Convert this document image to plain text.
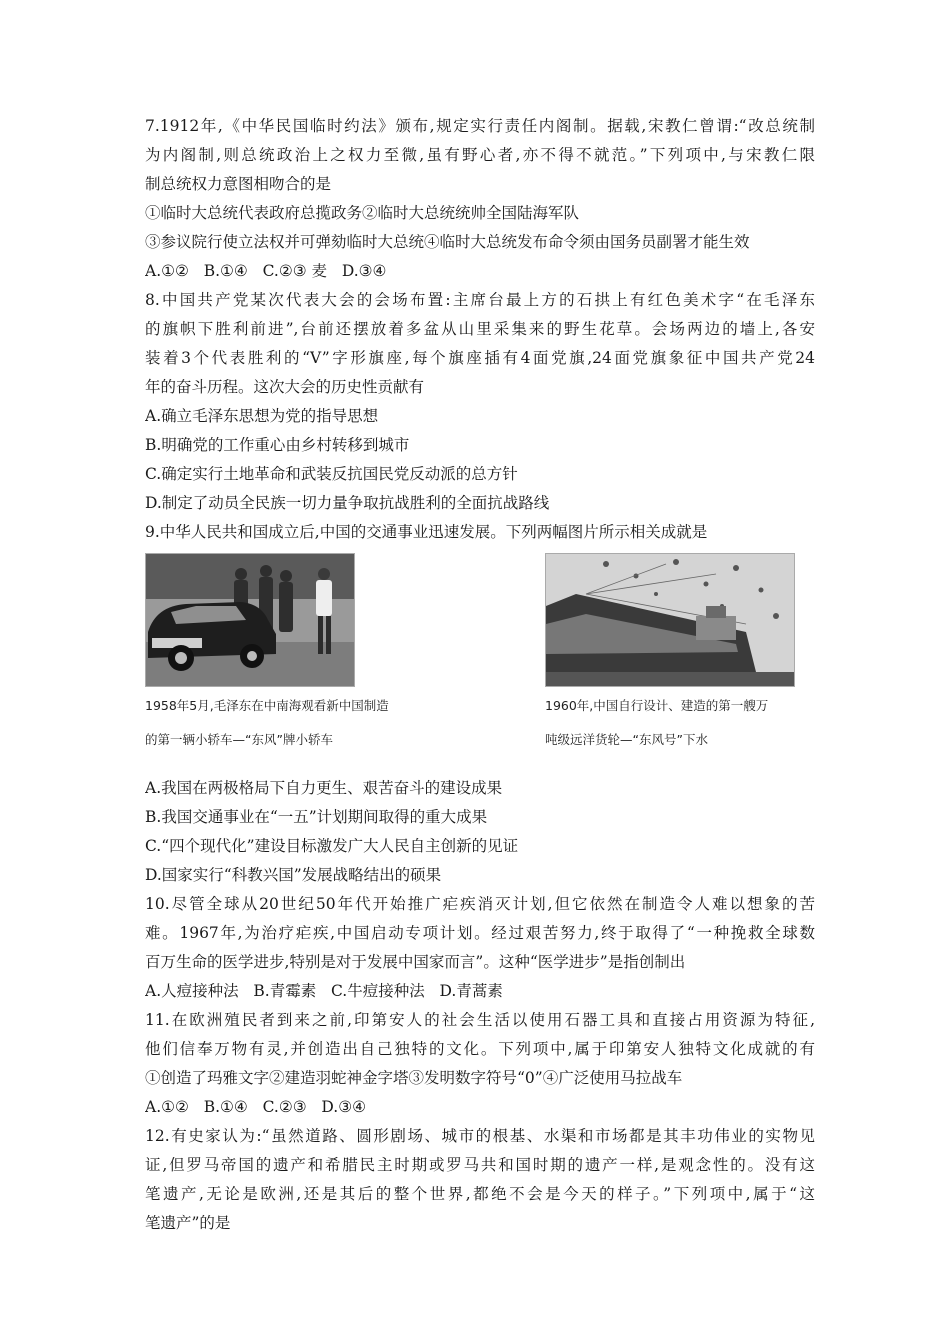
7.1912年,《中华民国临时约法》颁布,规定实行责任内阁制。据载,宋教仁曾谓:“改总统制
为内阁制,则总统政治上之权力至微,虽有野心者,亦不得不就范。”下列项中,与宋教仁限
制总统权力意图相吻合的是
①临时大总统代表政府总揽政务②临时大总统统帅全国陆海军队
③参议院行使立法权并可弹劾临时大总统④临时大总统发布命令须由国务员副署才能生效
A.①②   B.①④   C.②③ 麦   D.③④
8.中国共产党某次代表大会的会场布置:主席台最上方的石拱上有红色美术字“在毛泽东
的旗帜下胜利前进”,台前还摆放着多盆从山里采集来的野生花草。会场两边的墙上,各安
装着3个代表胜利的“V”字形旗座,每个旗座插有4面党旗,24面党旗象征中国共产党24
年的奋斗历程。这次大会的历史性贡献有
A.确立毛泽东思想为党的指导思想
B.明确党的工作重心由乡村转移到城市
C.确定实行土地革命和武装反抗国民党反动派的总方针
D.制定了动员全民族一切力量争取抗战胜利的全面抗战路线
9.中华人民共和国成立后,中国的交通事业迅速发展。下列两幅图片所示相关成就是
1958年5月,毛泽东在中南海观看新中国制造
的第一辆小轿车—“东风”牌小轿车
1960年,中国自行设计、建造的第一艘万
吨级远洋货轮—“东风号”下水
A.我国在两极格局下自力更生、艰苦奋斗的建设成果
B.我国交通事业在“一五”计划期间取得的重大成果
C.“四个现代化”建设目标激发广大人民自主创新的见证
D.国家实行“科教兴国”发展战略结出的硕果
10.尽管全球从20世纪50年代开始推广疟疾消灭计划,但它依然在制造令人难以想象的苦
难。1967年,为治疗疟疾,中国启动专项计划。经过艰苦努力,终于取得了“一种挽救全球数
百万生命的医学进步,特别是对于发展中国家而言”。这种“医学进步”是指创制出
A.人痘接种法   B.青霉素   C.牛痘接种法   D.青蒿素
11.在欧洲殖民者到来之前,印第安人的社会生活以使用石器工具和直接占用资源为特征,
他们信奉万物有灵,并创造出自己独特的文化。下列项中,属于印第安人独特文化成就的有
①创造了玛雅文字②建造羽蛇神金字塔③发明数字符号“0”④广泛使用马拉战车
A.①②   B.①④   C.②③   D.③④
12.有史家认为:“虽然道路、圆形剧场、城市的根基、水渠和市场都是其丰功伟业的实物见
证,但罗马帝国的遗产和希腊民主时期或罗马共和国时期的遗产一样,是观念性的。没有这
笔遗产,无论是欧洲,还是其后的整个世界,都绝不会是今天的样子。”下列项中,属于“这
笔遗产”的是
